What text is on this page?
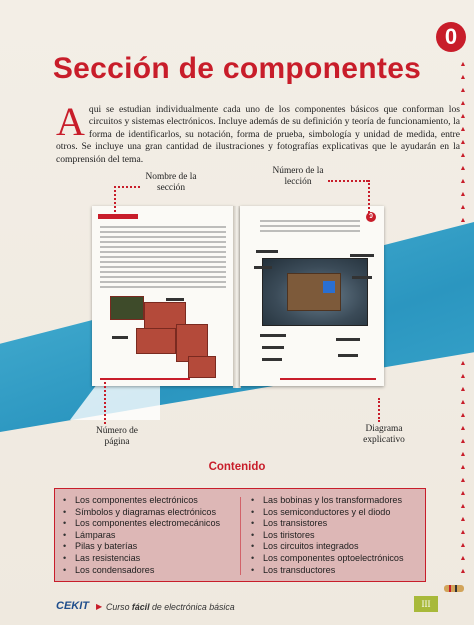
0
▲
▲
▲
▲
▲
▲
▲
▲
▲
▲
▲
▲
▲
▲
▲
▲
▲
▲
▲
▲
▲
▲
▲
▲
▲
▲
▲
▲
▲
▲
Sección de componentes
Aqui se estudian individualmente cada uno de los componentes básicos que conforman los circuitos y sistemas electrónicos. Incluye además de su definición y teoría de funcionamiento, la forma de identificarlos, su notación, forma de prueba, simbología y unidad de medida, entre otros. Se incluye una gran cantidad de ilustraciones y fotografías explicativas que le ayudarán en la comprensión del tema.
0
Nombre de la sección
Número de la lección
Número de página
Diagrama explicativo
Contenido
• Los componentes electrónicos
• Símbolos y diagramas electrónicos
• Los componentes electromecánicos
• Lámparas
• Pilas y baterías
• Las resistencias
• Los condensadores
• Las bobinas y los transformadores
• Los semiconductores y el diodo
• Los transistores
• Los tiristores
• Los circuitos integrados
• Los componentes optoelectrónicos
• Los transductores
CEKIT ▶ Curso fácil de electrónica básica	III
